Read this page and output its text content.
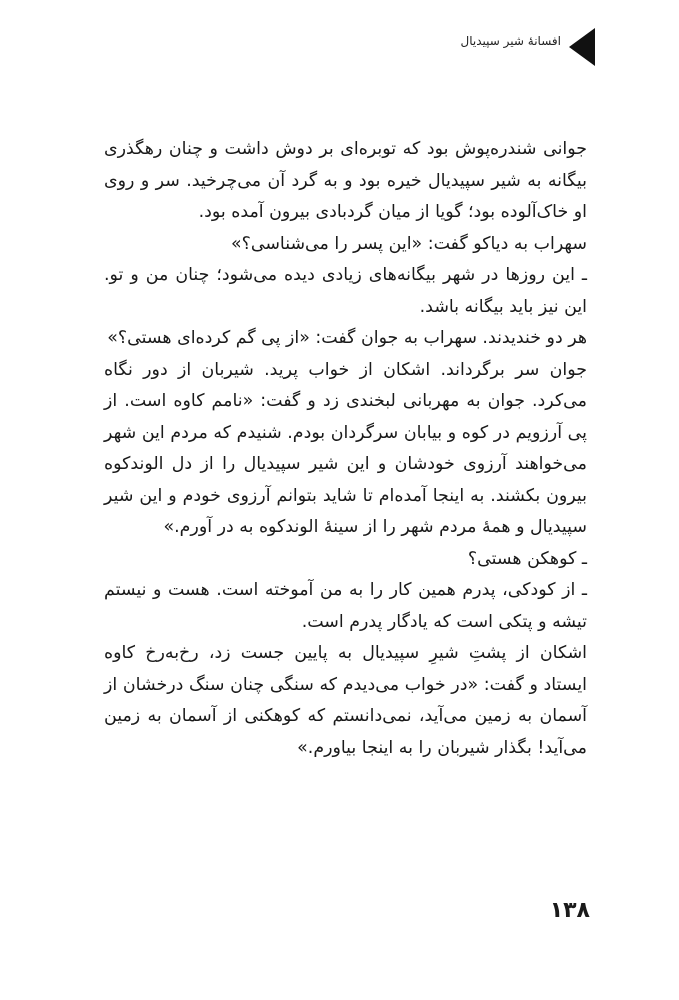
افسانهٔ شیر سپیدیال

جوانی شندره‌پوش بود که توبره‌ای بر دوش داشت و چنان رهگذری بیگانه به شیر سپیدیال خیره بود و به گرد آن می‌چرخید. سر و روی او خاک‌آلوده بود؛ گویا از میان گردبادی بیرون آمده بود.

سهراب به دیاکو گفت: «این پسر را می‌شناسی؟»

ـ این روزها در شهر بیگانه‌های زیادی دیده می‌شود؛ چنان من و تو. این نیز باید بیگانه باشد.

هر دو خندیدند. سهراب به جوان گفت: «از پی گم کرده‌ای هستی؟»

جوان سر برگرداند. اشکان از خواب پرید. شیربان از دور نگاه می‌کرد. جوان به مهربانی لبخندی زد و گفت: «نامم کاوه است. از پی آرزویم در کوه و بیابان سرگردان بودم. شنیدم که مردم این شهر می‌خواهند آرزوی خودشان و این شیر سپیدیال را از دل الوندکوه بیرون بکشند. به اینجا آمده‌ام تا شاید بتوانم آرزوی خودم و این شیر سپیدیال و همهٔ مردم شهر را از سینهٔ الوندکوه به در آورم.»

ـ کوهکن هستی؟

ـ از کودکی، پدرم همین کار را به من آموخته است. هست و نیستم تیشه و پتکی است که یادگار پدرم است.

اشکان از پشتِ شیرِ سپیدیال به پایین جست زد، رخ‌به‌رخ کاوه ایستاد و گفت: «در خواب می‌دیدم که سنگی چنان سنگ درخشان از آسمان به زمین می‌آید، نمی‌دانستم که کوهکنی از آسمان به زمین می‌آید! بگذار شیربان را به اینجا بیاورم.»

۱۳۸
